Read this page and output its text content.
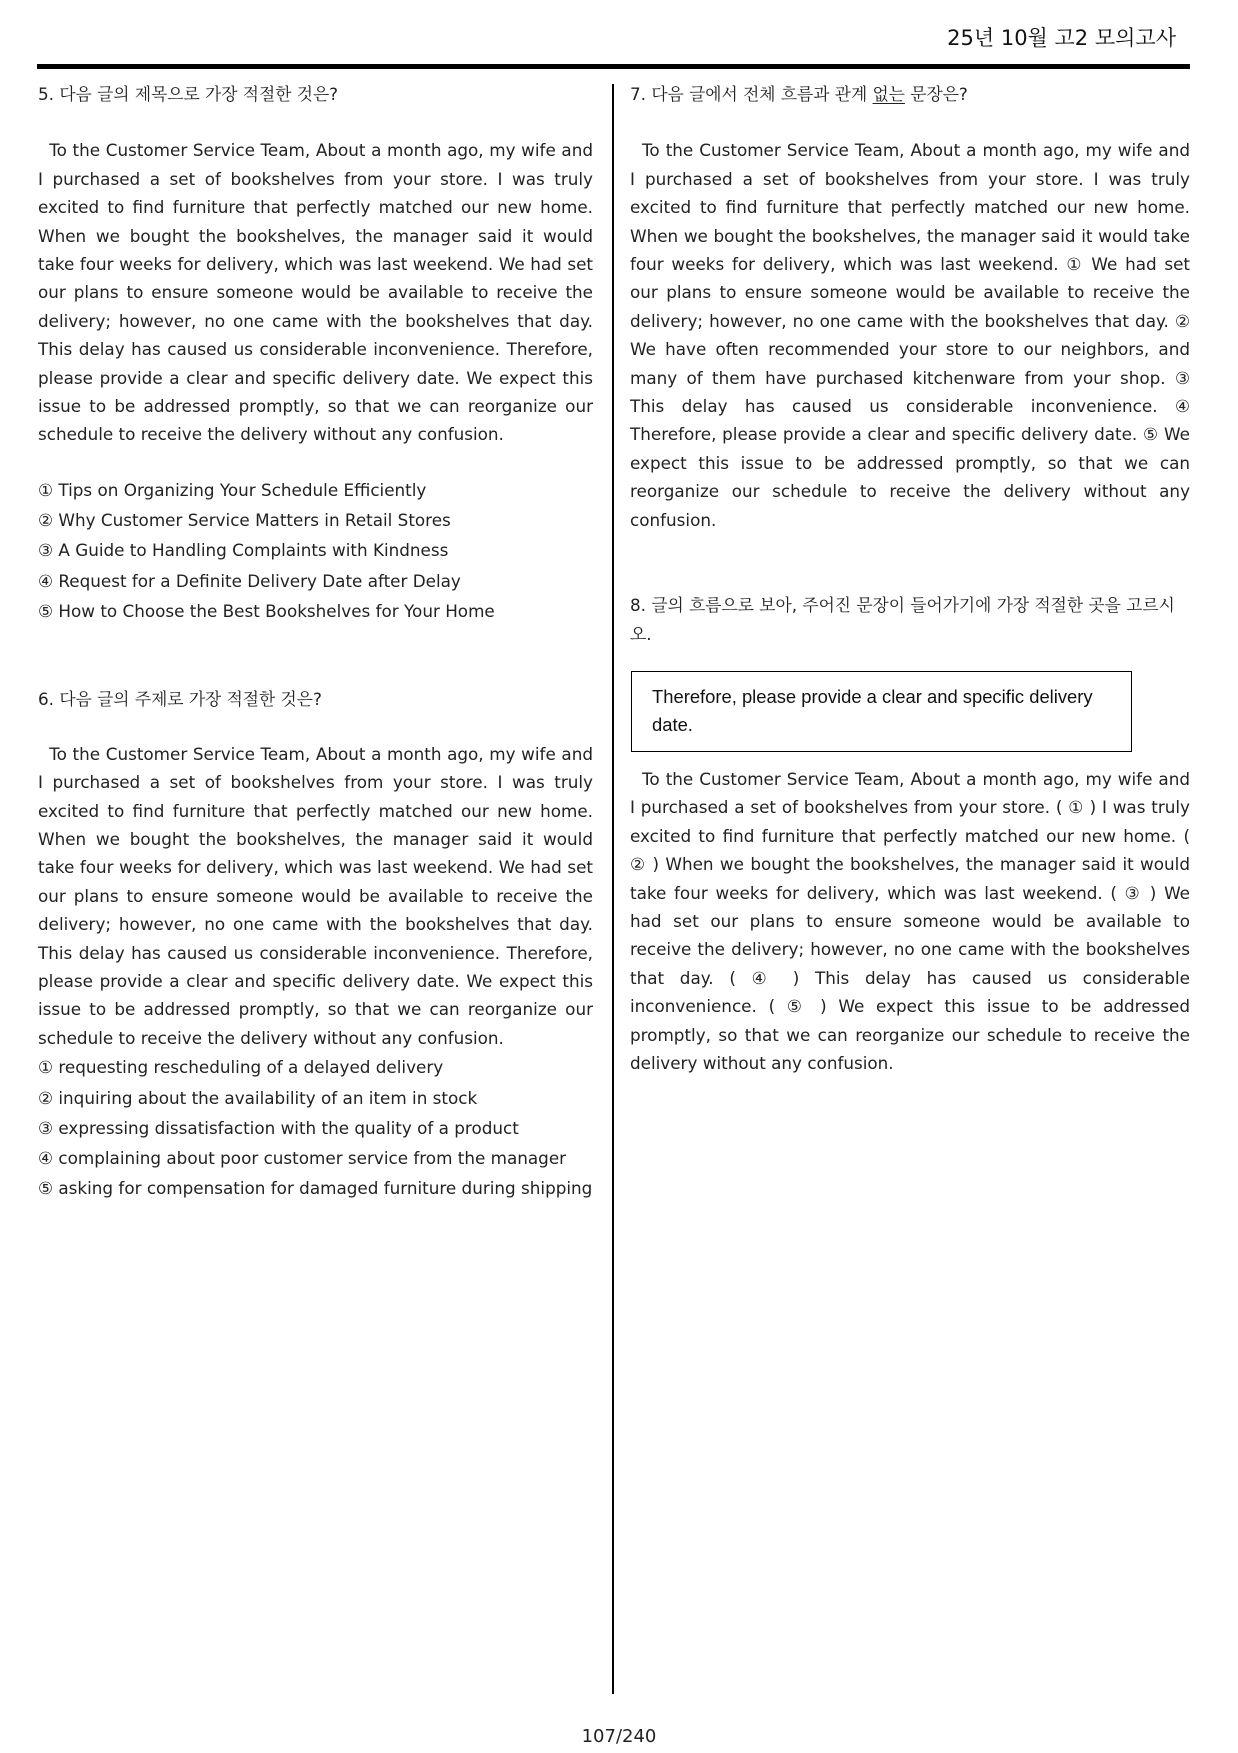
25년 10월 고2 모의고사

5. 다음 글의 제목으로 가장 적절한 것은?

To the Customer Service Team, About a month ago, my wife and I purchased a set of bookshelves from your store. I was truly excited to find furniture that perfectly matched our new home. When we bought the bookshelves, the manager said it would take four weeks for delivery, which was last weekend. We had set our plans to ensure someone would be available to receive the delivery; however, no one came with the bookshelves that day. This delay has caused us considerable inconvenience. Therefore, please provide a clear and specific delivery date. We expect this issue to be addressed promptly, so that we can reorganize our schedule to receive the delivery without any confusion.

① Tips on Organizing Your Schedule Efficiently

② Why Customer Service Matters in Retail Stores

③ A Guide to Handling Complaints with Kindness

④ Request for a Definite Delivery Date after Delay

⑤ How to Choose the Best Bookshelves for Your Home

6. 다음 글의 주제로 가장 적절한 것은?

To the Customer Service Team, About a month ago, my wife and I purchased a set of bookshelves from your store. I was truly excited to find furniture that perfectly matched our new home. When we bought the bookshelves, the manager said it would take four weeks for delivery, which was last weekend. We had set our plans to ensure someone would be available to receive the delivery; however, no one came with the bookshelves that day. This delay has caused us considerable inconvenience. Therefore, please provide a clear and specific delivery date. We expect this issue to be addressed promptly, so that we can reorganize our schedule to receive the delivery without any confusion.

① requesting rescheduling of a delayed delivery

② inquiring about the availability of an item in stock

③ expressing dissatisfaction with the quality of a product

④ complaining about poor customer service from the manager

⑤ asking for compensation for damaged furniture during shipping

7. 다음 글에서 전체 흐름과 관계 없는 문장은?

To the Customer Service Team, About a month ago, my wife and I purchased a set of bookshelves from your store. I was truly excited to find furniture that perfectly matched our new home. When we bought the bookshelves, the manager said it would take four weeks for delivery, which was last weekend. ① We had set our plans to ensure someone would be available to receive the delivery; however, no one came with the bookshelves that day. ② We have often recommended your store to our neighbors, and many of them have purchased kitchenware from your shop. ③ This delay has caused us considerable inconvenience. ④ Therefore, please provide a clear and specific delivery date. ⑤ We expect this issue to be addressed promptly, so that we can reorganize our schedule to receive the delivery without any confusion.

8. 글의 흐름으로 보아, 주어진 문장이 들어가기에 가장 적절한 곳을 고르시오.

Therefore, please provide a clear and specific delivery date.

To the Customer Service Team, About a month ago, my wife and I purchased a set of bookshelves from your store. ( ① ) I was truly excited to find furniture that perfectly matched our new home. ( ② ) When we bought the bookshelves, the manager said it would take four weeks for delivery, which was last weekend. ( ③ ) We had set our plans to ensure someone would be available to receive the delivery; however, no one came with the bookshelves that day. ( ④ ) This delay has caused us considerable inconvenience. ( ⑤ ) We expect this issue to be addressed promptly, so that we can reorganize our schedule to receive the delivery without any confusion.

107/240
